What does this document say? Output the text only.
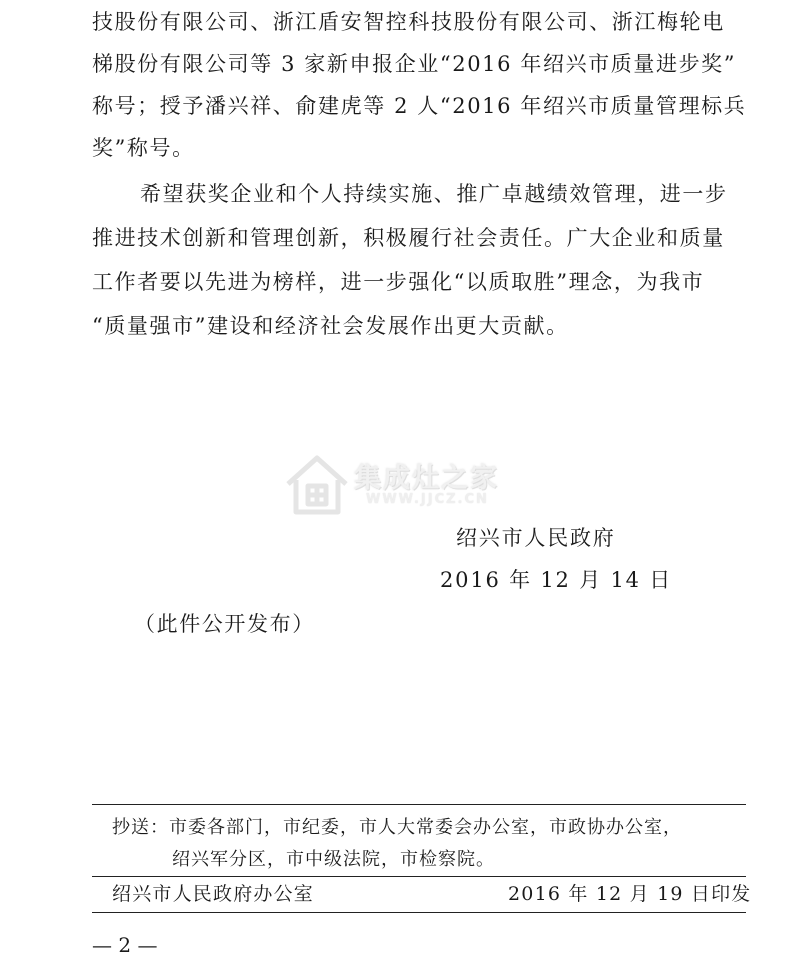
技股份有限公司、浙江盾安智控科技股份有限公司、浙江梅轮电
梯股份有限公司等 3 家新申报企业“2016 年绍兴市质量进步奖”
称号；授予潘兴祥、俞建虎等 2 人“2016 年绍兴市质量管理标兵
奖”称号。
希望获奖企业和个人持续实施、推广卓越绩效管理，进一步
推进技术创新和管理创新，积极履行社会责任。广大企业和质量
工作者要以先进为榜样，进一步强化“以质取胜”理念，为我市
“质量强市”建设和经济社会发展作出更大贡献。
集成灶之家
WWW.JJCZ.CN
绍兴市人民政府
2016 年 12 月 14 日
（此件公开发布）
抄送：市委各部门，市纪委，市人大常委会办公室，市政协办公室，
绍兴军分区，市中级法院，市检察院。
绍兴市人民政府办公室	2016 年 12 月 19 日印发
— 2 —
